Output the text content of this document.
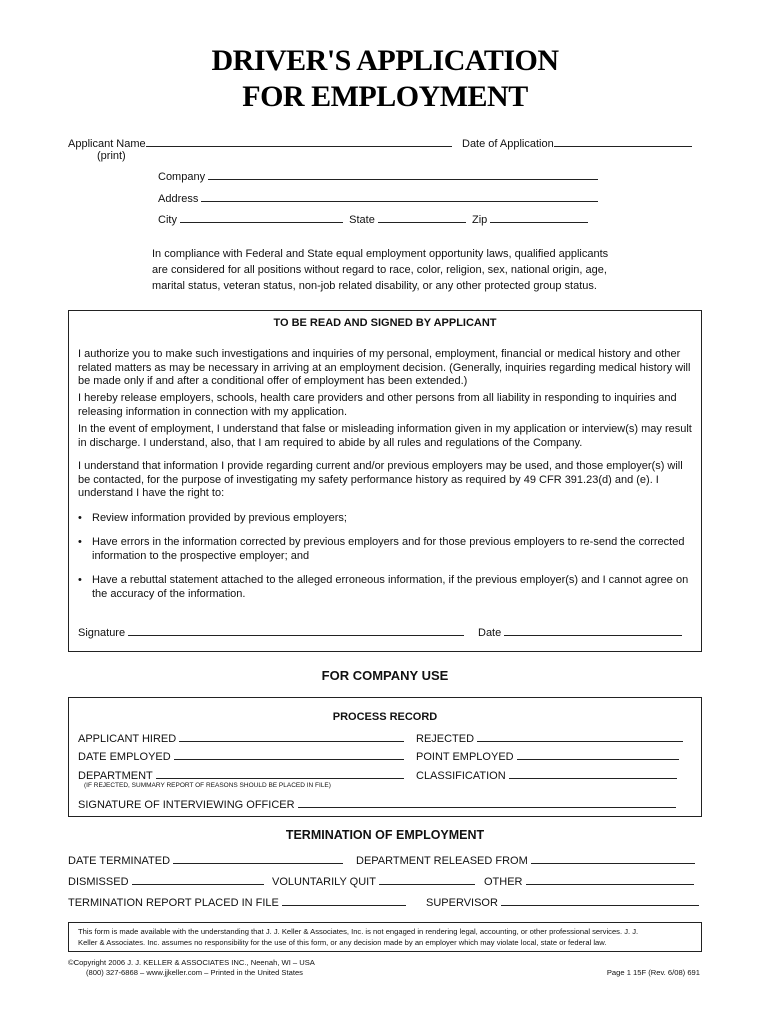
DRIVER'S APPLICATION
FOR EMPLOYMENT
Applicant Name	Date of Application
(print)
Company
Address
City	State	Zip
In compliance with Federal and State equal employment opportunity laws, qualified applicants
are considered for all positions without regard to race, color, religion, sex, national origin, age,
marital status, veteran status, non-job related disability, or any other protected group status.
TO BE READ AND SIGNED BY APPLICANT
I authorize you to make such investigations and inquiries of my personal, employment, financial or medical history and other related matters as may be necessary in arriving at an employment decision. (Generally, inquiries regarding medical history will be made only if and after a conditional offer of employment has been extended.)
I hereby release employers, schools, health care providers and other persons from all liability in responding to inquiries and releasing information in connection with my application.
In the event of employment, I understand that false or misleading information given in my application or interview(s) may result in discharge. I understand, also, that I am required to abide by all rules and regulations of the Company.
I understand that information I provide regarding current and/or previous employers may be used, and those employer(s) will be contacted, for the purpose of investigating my safety performance history as required by 49 CFR 391.23(d) and (e). I understand I have the right to:
• Review information provided by previous employers;
• Have errors in the information corrected by previous employers and for those previous employers to re-send the corrected information to the prospective employer; and
• Have a rebuttal statement attached to the alleged erroneous information, if the previous employer(s) and I cannot agree on the accuracy of the information.
Signature	Date
FOR COMPANY USE
PROCESS RECORD
APPLICANT HIRED	REJECTED
DATE EMPLOYED	POINT EMPLOYED
DEPARTMENT	CLASSIFICATION
(IF REJECTED, SUMMARY REPORT OF REASONS SHOULD BE PLACED IN FILE)
SIGNATURE OF INTERVIEWING OFFICER
TERMINATION OF EMPLOYMENT
DATE TERMINATED	DEPARTMENT RELEASED FROM
DISMISSED	VOLUNTARILY QUIT	OTHER
TERMINATION REPORT PLACED IN FILE	SUPERVISOR
This form is made available with the understanding that J. J. Keller & Associates, Inc. is not engaged in rendering legal, accounting, or other professional services. J. J.
Keller & Associates. Inc. assumes no responsibility for the use of this form, or any decision made by an employer which may violate local, state or federal law.
©Copyright 2006 J. J. KELLER & ASSOCIATES INC., Neenah, WI – USA
(800) 327-6868 – www.jjkeller.com – Printed in the United States	Page 1 15F (Rev. 6/08) 691
